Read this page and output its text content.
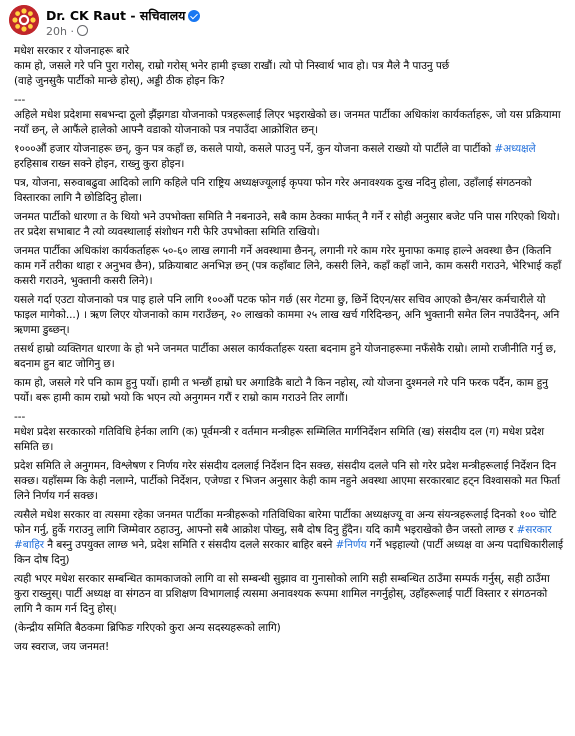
Dr. CK Raut - सचिवालय
20h ·

मधेश सरकार र योजनाहरू बारे
काम हो, जसले गरे पनि पुरा गरोस्, राम्रो गरोस् भनेर हामी इच्छा राखौं। त्यो पो निस्वार्थ भाव हो। पत्र मैले नै पाउनु पर्छ
(वाहे जुनसुकै पार्टीको मान्छे होस्), अड्डी ठीक होइन कि?

---

अहिले मधेश प्रदेशमा सबभन्दा ठूलो झैंझगडा योजनाको पत्रहरूलाई लिएर भइराखेको छ। जनमत पार्टीका अधिकांश कार्यकर्ताहरू, जो यस प्रक्रियामा नयाँ छन्, ले आफैंले हालेको आफ्नै वडाको योजनाको पत्र नपाउँदा आक्रोशित छन्।

१०००औं हजार योजनाहरू छन्, कुन पत्र कहाँ छ, कसले पायो, कसले पाउनु पर्ने, कुन योजना कसले राख्यो यो पार्टीले वा पार्टीको #अध्यक्षले हरहिसाब राख्न सक्ने होइन, राख्नु कुरा होइन।

पत्र, योजना, सरुवाबढुवा आदिको लागि कहिले पनि राष्ट्रिय अध्यक्षज्यूलाई कृपया फोन गरेर अनावश्यक दुःख नदिनु होला, उहाँलाई संगठनको विस्तारका लागि नै छोडिदिनु होला।

जनमत पार्टीको धारणा त के थियो भने उपभोक्ता समिति नै नबनाउने, सबै काम ठेक्का मार्फत् नै गर्ने र सोही अनुसार बजेट पनि पास गरिएको थियो। तर प्रदेश सभाबाट नै त्यो व्यवस्थालाई संशोधन गरी फेरि उपभोक्ता समिति राखियो।

जनमत पार्टीका अधिकांश कार्यकर्ताहरू ५०-६० लाख लगानी गर्ने अवस्थामा छैनन्, लगानी गरे काम गरेर मुनाफा कमाइ हाल्ने अवस्था छैन (कितनि काम गर्ने तरीका थाहा र अनुभव छैन), प्रक्रियाबाट अनभिज्ञ छन् (पत्र कहाँबाट लिने, कसरी लिने, कहाँ कहाँ जाने, काम कसरी गराउने, भेरिभाई कहाँ कसरी गराउने, भुक्तानी कसरी लिने)।

यसले गर्दा एउटा योजनाको पत्र पाइ हाले पनि लागि १००औं पटक फोन गर्छ (सर गेटमा छु, छिर्ने दिएन/सर सचिव आएको छैन/सर कर्मचारीले यो फाइल मागेको...) । ऋण लिएर योजनाको काम गराउँछन्, २० लाखको काममा २५ लाख खर्च गरिदिन्छन्, अनि भुक्तानी समेत लिन नपाउँदैनन्, अनि ऋणमा डुब्छन्।

तसर्थ हाम्रो व्यक्तिगत धारणा के हो भने जनमत पार्टीका असल कार्यकर्ताहरू यस्ता बदनाम हुने योजनाहरूमा नफँसेकै राम्रो। लामो राजीनीति गर्नु छ, बदनाम हुन बाट जोगिनु छ।

काम हो, जसले गरे पनि काम हुनु पर्यो। हामी त भन्छौं हाम्रो घर अगाडिकै बाटो नै किन नहोस्, त्यो योजना दुश्मनले गरे पनि फरक पर्दैन, काम हुनु पर्यो। बरू हामी काम राम्रो भयो कि भएन त्यो अनुगमन गरौं र राम्रो काम गराउने तिर लागौं।

---

मधेश प्रदेश सरकारको गतिविधि हेर्नका लागि (क) पूर्वमन्त्री र वर्तमान मन्त्रीहरू सम्मिलित मार्गनिर्देशन समिति (ख) संसदीय दल (ग) मधेश प्रदेश समिति छ।

प्रदेश समिति ले अनुगमन, विश्लेषण र निर्णय गरेर संसदीय दललाई निर्देशन दिन सक्छ, संसदीय दलले पनि सो गरेर प्रदेश मन्त्रीहरूलाई निर्देशन दिन सक्छ। यहाँसम्म कि केही नलाग्ने, पार्टीको निर्देशन, एजेण्डा र भिजन अनुसार केही काम नहुने अवस्था आएमा सरकारबाट हट्न विश्वासको मत फिर्ता लिने निर्णय गर्न सक्छ।

त्यसैले मधेश सरकार वा त्यसमा रहेका जनमत पार्टीका मन्त्रीहरूको गतिविधिका बारेमा पार्टीका अध्यक्षज्यू वा अन्य संयन्त्रहरूलाई दिनको १०० चोटि फोन गर्नु, हुर्के गराउनु लागि जिम्मेवार ठहाउनु, आफ्नो सबै आक्रोश पोख्नु, सबै दोष दिनु हुँदैन। यदि कामै भइराखेको छैन जस्तो लाग्छ र #सरकार #बाहिर नै बस्नु उपयुक्त लाग्छ भने, प्रदेश समिति र संसदीय दलले सरकार बाहिर बस्ने #निर्णय गर्ने भइहाल्यो (पार्टी अध्यक्ष वा अन्य पदाधिकारीलाई किन दोष दिनु)

त्यही भएर मधेश सरकार सम्बन्धित कामकाजको लागि वा सो सम्बन्धी सुझाव वा गुनासोको लागि सही सम्बन्धित ठाउँमा सम्पर्क गर्नुस्, सही ठाउँमा कुरा राख्नुस्। पार्टी अध्यक्ष वा संगठन वा प्रशिक्षण विभागलाई त्यसमा अनावश्यक रूपमा शामिल नगर्नुहोस्, उहाँहरूलाई पार्टी विस्तार र संगठनको लागि नै काम गर्न दिनु होस्।

(केन्द्रीय समिति बैठकमा ब्रिफिङ गरिएको कुरा अन्य सदस्यहरूको लागि)

जय स्वराज, जय जनमत!
